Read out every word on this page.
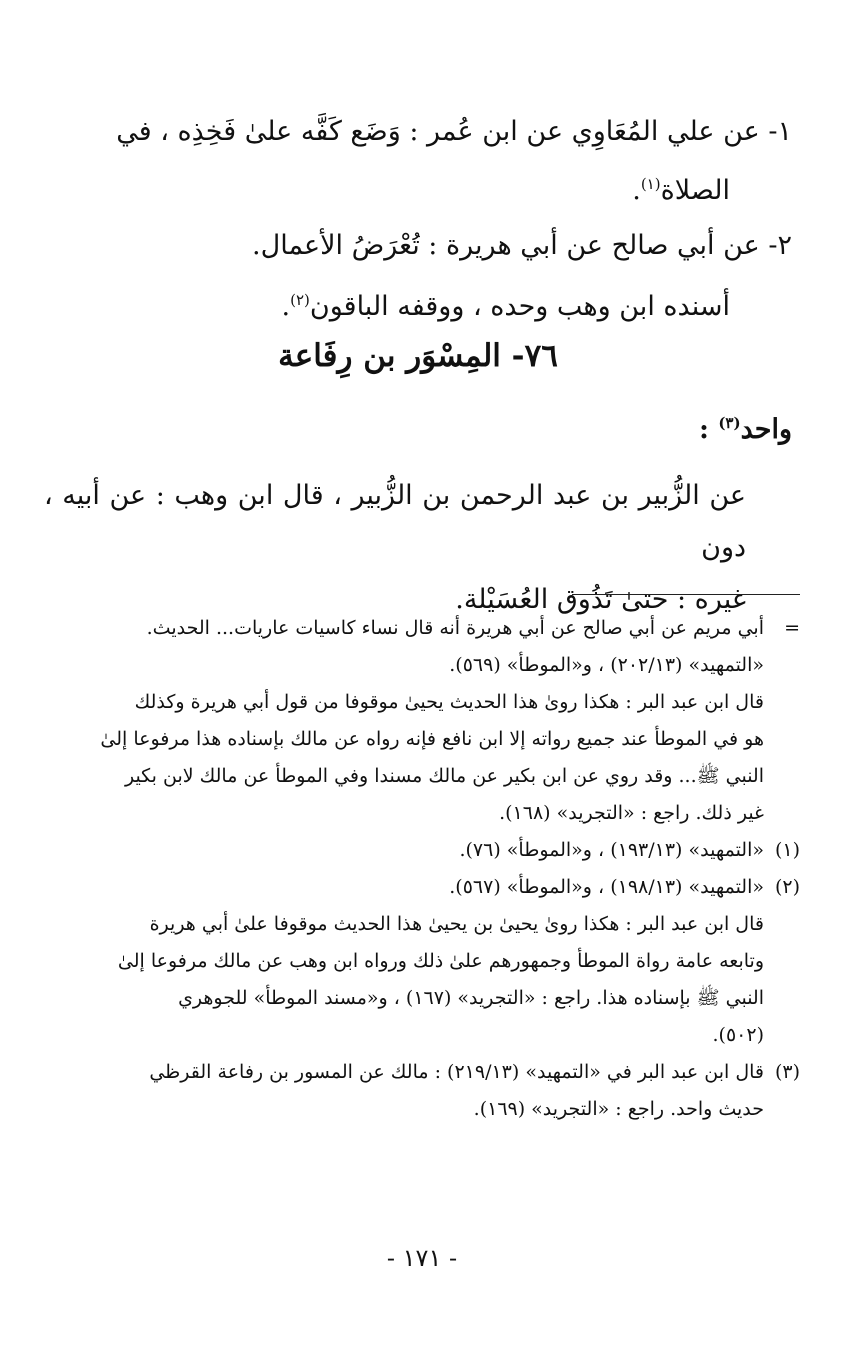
١- عن علي المُعَاوِي عن ابن عُمر : وَضَع كَفَّه علىٰ فَخِذِه ، في

الصلاة$^{(١)}$.

٢- عن أبي صالح عن أبي هريرة : تُعْرَضُ الأعمال.

أسنده ابن وهب وحده ، ووقفه الباقون$^{(٢)}$.

٧٦- المِسْوَر بن رِفَاعة
واحد$^{(٣)}$ :

عن الزُّبير بن عبد الرحمن بن الزُّبير ، قال ابن وهب : عن أبيه ، دون

غيره : حتىٰ تَذُوق العُسَيْلة.

=أبي مريم عن أبي صالح عن أبي هريرة أنه قال نساء كاسيات عاريات... الحديث.

«التمهيد» (٢٠٢/١٣) ، و«الموطأ» (٥٦٩).

قال ابن عبد البر : هكذا روىٰ هذا الحديث يحيىٰ موقوفا من قول أبي هريرة وكذلك

هو في الموطأ عند جميع رواته إلا ابن نافع فإنه رواه عن مالك بإسناده هذا مرفوعا إلىٰ

النبي ﷺ... وقد روي عن ابن بكير عن مالك مسندا وفي الموطأ عن مالك لابن بكير

غير ذلك. راجع : «التجريد» (١٦٨).

(١)«التمهيد» (١٩٣/١٣) ، و«الموطأ» (٧٦).

(٢)«التمهيد» (١٩٨/١٣) ، و«الموطأ» (٥٦٧).

قال ابن عبد البر : هكذا روىٰ يحيىٰ بن يحيىٰ هذا الحديث موقوفا علىٰ أبي هريرة

وتابعه عامة رواة الموطأ وجمهورهم علىٰ ذلك ورواه ابن وهب عن مالك مرفوعا إلىٰ

النبي ﷺ بإسناده هذا. راجع : «التجريد» (١٦٧) ، و«مسند الموطأ» للجوهري

(٥٠٢).

(٣)قال ابن عبد البر في «التمهيد» (٢١٩/١٣) : مالك عن المسور بن رفاعة القرظي

حديث واحد. راجع : «التجريد» (١٦٩).

- ١٧١ -
